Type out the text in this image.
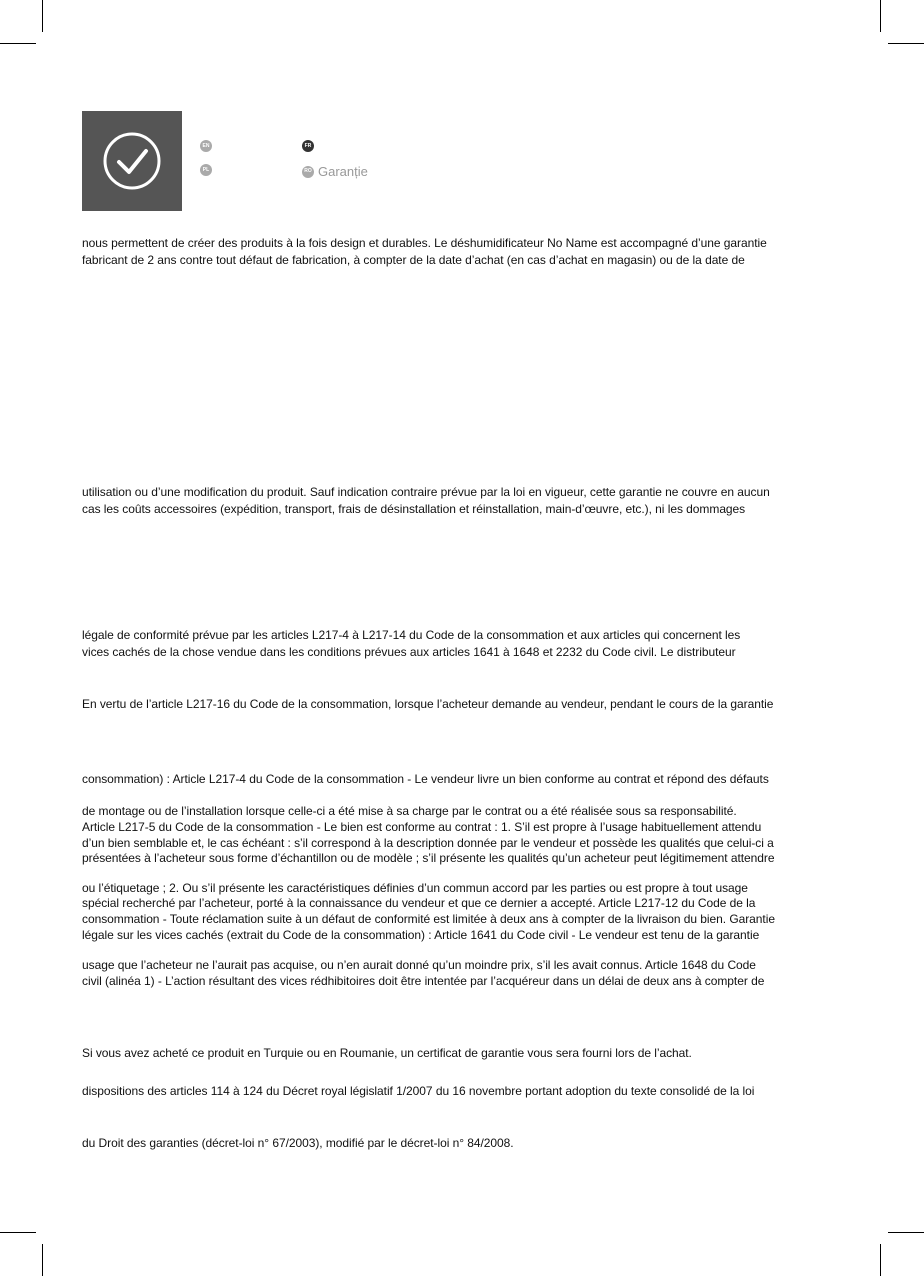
EN	FR
PL	RO Garanție
nous permettent de créer des produits à la fois design et durables. Le déshumidificateur No Name est accompagné d’une garantie
fabricant de 2 ans contre tout défaut de fabrication, à compter de la date d’achat (en cas d’achat en magasin) ou de la date de
utilisation ou d’une modification du produit. Sauf indication contraire prévue par la loi en vigueur, cette garantie ne couvre en aucun
cas les coûts accessoires (expédition, transport, frais de désinstallation et réinstallation, main-d’œuvre, etc.), ni les dommages
légale de conformité prévue par les articles L217-4 à L217-14 du Code de la consommation et aux articles qui concernent les
vices cachés de la chose vendue dans les conditions prévues aux articles 1641 à 1648 et 2232 du Code civil. Le distributeur
En vertu de l’article L217-16 du Code de la consommation, lorsque l’acheteur demande au vendeur, pendant le cours de la garantie
consommation) : Article L217-4 du Code de la consommation - Le vendeur livre un bien conforme au contrat et répond des défauts
de montage ou de l’installation lorsque celle-ci a été mise à sa charge par le contrat ou a été réalisée sous sa responsabilité.
Article L217-5 du Code de la consommation - Le bien est conforme au contrat : 1. S’il est propre à l’usage habituellement attendu
d’un bien semblable et, le cas échéant : s’il correspond à la description donnée par le vendeur et possède les qualités que celui-ci a
présentées à l’acheteur sous forme d’échantillon ou de modèle ; s’il présente les qualités qu’un acheteur peut légitimement attendre
ou l’étiquetage ; 2. Ou s’il présente les caractéristiques définies d’un commun accord par les parties ou est propre à tout usage
spécial recherché par l’acheteur, porté à la connaissance du vendeur et que ce dernier a accepté. Article L217-12 du Code de la
consommation - Toute réclamation suite à un défaut de conformité est limitée à deux ans à compter de la livraison du bien. Garantie
légale sur les vices cachés (extrait du Code de la consommation) : Article 1641 du Code civil - Le vendeur est tenu de la garantie
usage que l’acheteur ne l’aurait pas acquise, ou n’en aurait donné qu’un moindre prix, s’il les avait connus. Article 1648 du Code
civil (alinéa 1) - L’action résultant des vices rédhibitoires doit être intentée par l’acquéreur dans un délai de deux ans à compter de
Si vous avez acheté ce produit en Turquie ou en Roumanie, un certificat de garantie vous sera fourni lors de l’achat.
dispositions des articles 114 à 124 du Décret royal législatif 1/2007 du 16 novembre portant adoption du texte consolidé de la loi
du Droit des garanties (décret-loi n° 67/2003), modifié par le décret-loi n° 84/2008.
